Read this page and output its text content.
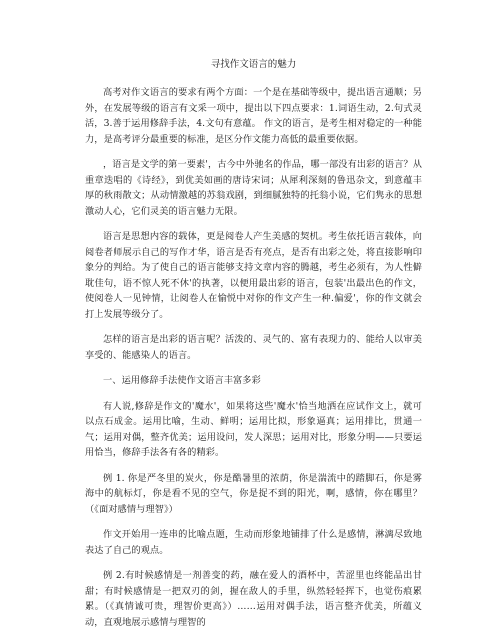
寻找作文语言的魅力

高考对作文语言的要求有两个方面：一个是在基础等级中，提出语言通顺；另外，在发展等级的语言有文采一项中，提出以下四点要求：1.词语生动，2.句式灵活，3.善于运用修辞手法，4.文句有意蕴。 作文的语言，是考生相对稳定的一种能力，是高考评分最重要的标准，是区分作文能力高低的最重要依据。

，语言是文学的第一要素'，古今中外驰名的作品，哪一部没有出彩的语言？从重章迭唱的《诗经》，到优美如画的唐诗宋词；从犀利深刻的鲁迅杂文，到意蕴丰厚的秋雨散文；从动情激越的苏翁戏剧，到细腻独特的托翁小说，它们隽永的思想激动人心，它们灵美的语言魅力无限。

语言是思想内容的载体，更是阅卷人产生美感的契机。考生依托语言载体，向阅卷者师展示自己的写作才华，语言是否有亮点，是否有出彩之处，将直接影响印象分的判给。为了使自己的语言能够支持文章内容的腾越，考生必须有，为人性僻耽佳句，语不惊人死不休'的执著，以便用最出彩的语言，包装'出最出色的作文，使阅卷人一见钟情，让阅卷人在愉悦中对你的作文产生一种.偏爱'，你的作文就会打上发展等级分了。

怎样的语言是出彩的语言呢？活泼的、灵气的、富有表现力的、能给人以审美享受的、能感染人的语言。

一、运用修辞手法使作文语言丰富多彩

有人说,修辞是作文的'魔水'，如果将这些'魔水'恰当地洒在应试作文上，就可以点石成金。运用比喻，生动、鲜明；运用比拟，形象逼真；运用排比，贯通一气；运用对偶，整齐优美；运用设问，发人深思；运用对比，形象分明——只要运用恰当，修辞手法各有各的精彩。

例 1. 你是严冬里的炭火，你是酷暑里的浓荫，你是湍流中的踏脚石，你是雾海中的航标灯，你是看不见的空气，你是捉不到的阳光，啊，感情，你在哪里？ （《面对感情与理智》）

作文开始用一连串的比喻点题，生动而形象地铺排了什么是感情，淋漓尽致地表达了自己的观点。

例 2.有时候感情是一剂善变的药，融在爱人的酒杯中，苦涩里也终能品出甘甜；有时候感情是一把双刃的剑，握在敌人的手里，纵然轻轻挥下，也觉伤痕累累。（《真情诚可贵，理智价更高》）……运用对偶手法，语言整齐优美，所蕴义动，直观地展示感情与理智的
